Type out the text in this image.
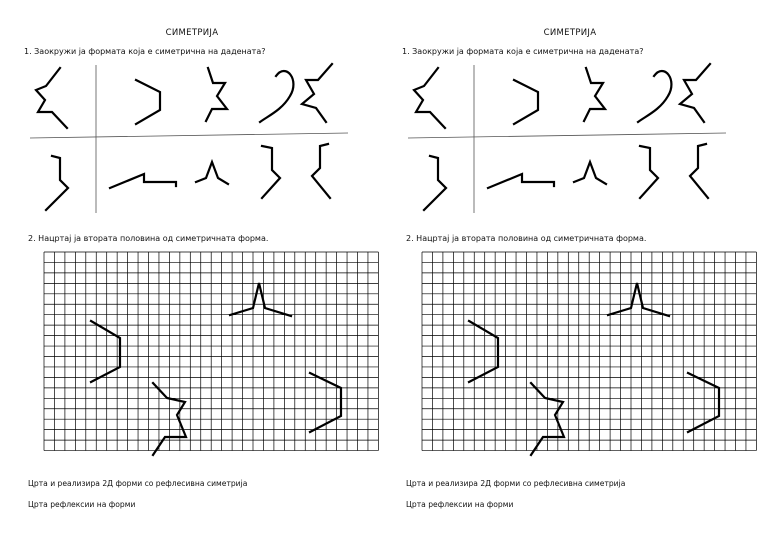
СИМЕТРИЈА
1. Заокружи ја формата која е симетрична на дадената?
2. Нацртај ја втората половина од симетричната форма.
Црта и реализира 2Д форми со рефлесивна симетрија
Црта рефлексии на форми
СИМЕТРИЈА
1. Заокружи ја формата која е симетрична на дадената?
2. Нацртај ја втората половина од симетричната форма.
Црта и реализира 2Д форми со рефлесивна симетрија
Црта рефлексии на форми
